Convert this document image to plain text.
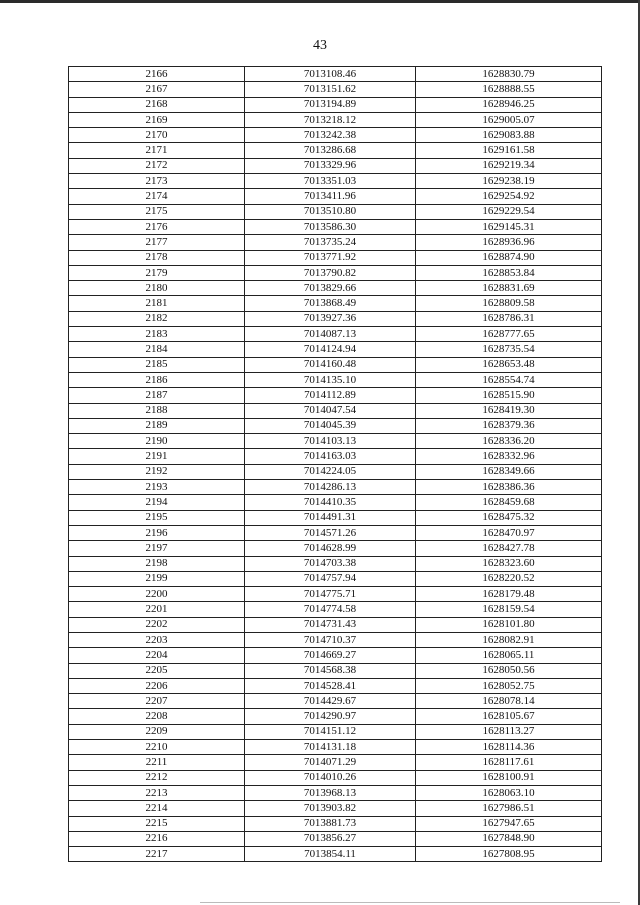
43
2166	7013108.46	1628830.79
2167	7013151.62	1628888.55
2168	7013194.89	1628946.25
2169	7013218.12	1629005.07
2170	7013242.38	1629083.88
2171	7013286.68	1629161.58
2172	7013329.96	1629219.34
2173	7013351.03	1629238.19
2174	7013411.96	1629254.92
2175	7013510.80	1629229.54
2176	7013586.30	1629145.31
2177	7013735.24	1628936.96
2178	7013771.92	1628874.90
2179	7013790.82	1628853.84
2180	7013829.66	1628831.69
2181	7013868.49	1628809.58
2182	7013927.36	1628786.31
2183	7014087.13	1628777.65
2184	7014124.94	1628735.54
2185	7014160.48	1628653.48
2186	7014135.10	1628554.74
2187	7014112.89	1628515.90
2188	7014047.54	1628419.30
2189	7014045.39	1628379.36
2190	7014103.13	1628336.20
2191	7014163.03	1628332.96
2192	7014224.05	1628349.66
2193	7014286.13	1628386.36
2194	7014410.35	1628459.68
2195	7014491.31	1628475.32
2196	7014571.26	1628470.97
2197	7014628.99	1628427.78
2198	7014703.38	1628323.60
2199	7014757.94	1628220.52
2200	7014775.71	1628179.48
2201	7014774.58	1628159.54
2202	7014731.43	1628101.80
2203	7014710.37	1628082.91
2204	7014669.27	1628065.11
2205	7014568.38	1628050.56
2206	7014528.41	1628052.75
2207	7014429.67	1628078.14
2208	7014290.97	1628105.67
2209	7014151.12	1628113.27
2210	7014131.18	1628114.36
2211	7014071.29	1628117.61
2212	7014010.26	1628100.91
2213	7013968.13	1628063.10
2214	7013903.82	1627986.51
2215	7013881.73	1627947.65
2216	7013856.27	1627848.90
2217	7013854.11	1627808.95
